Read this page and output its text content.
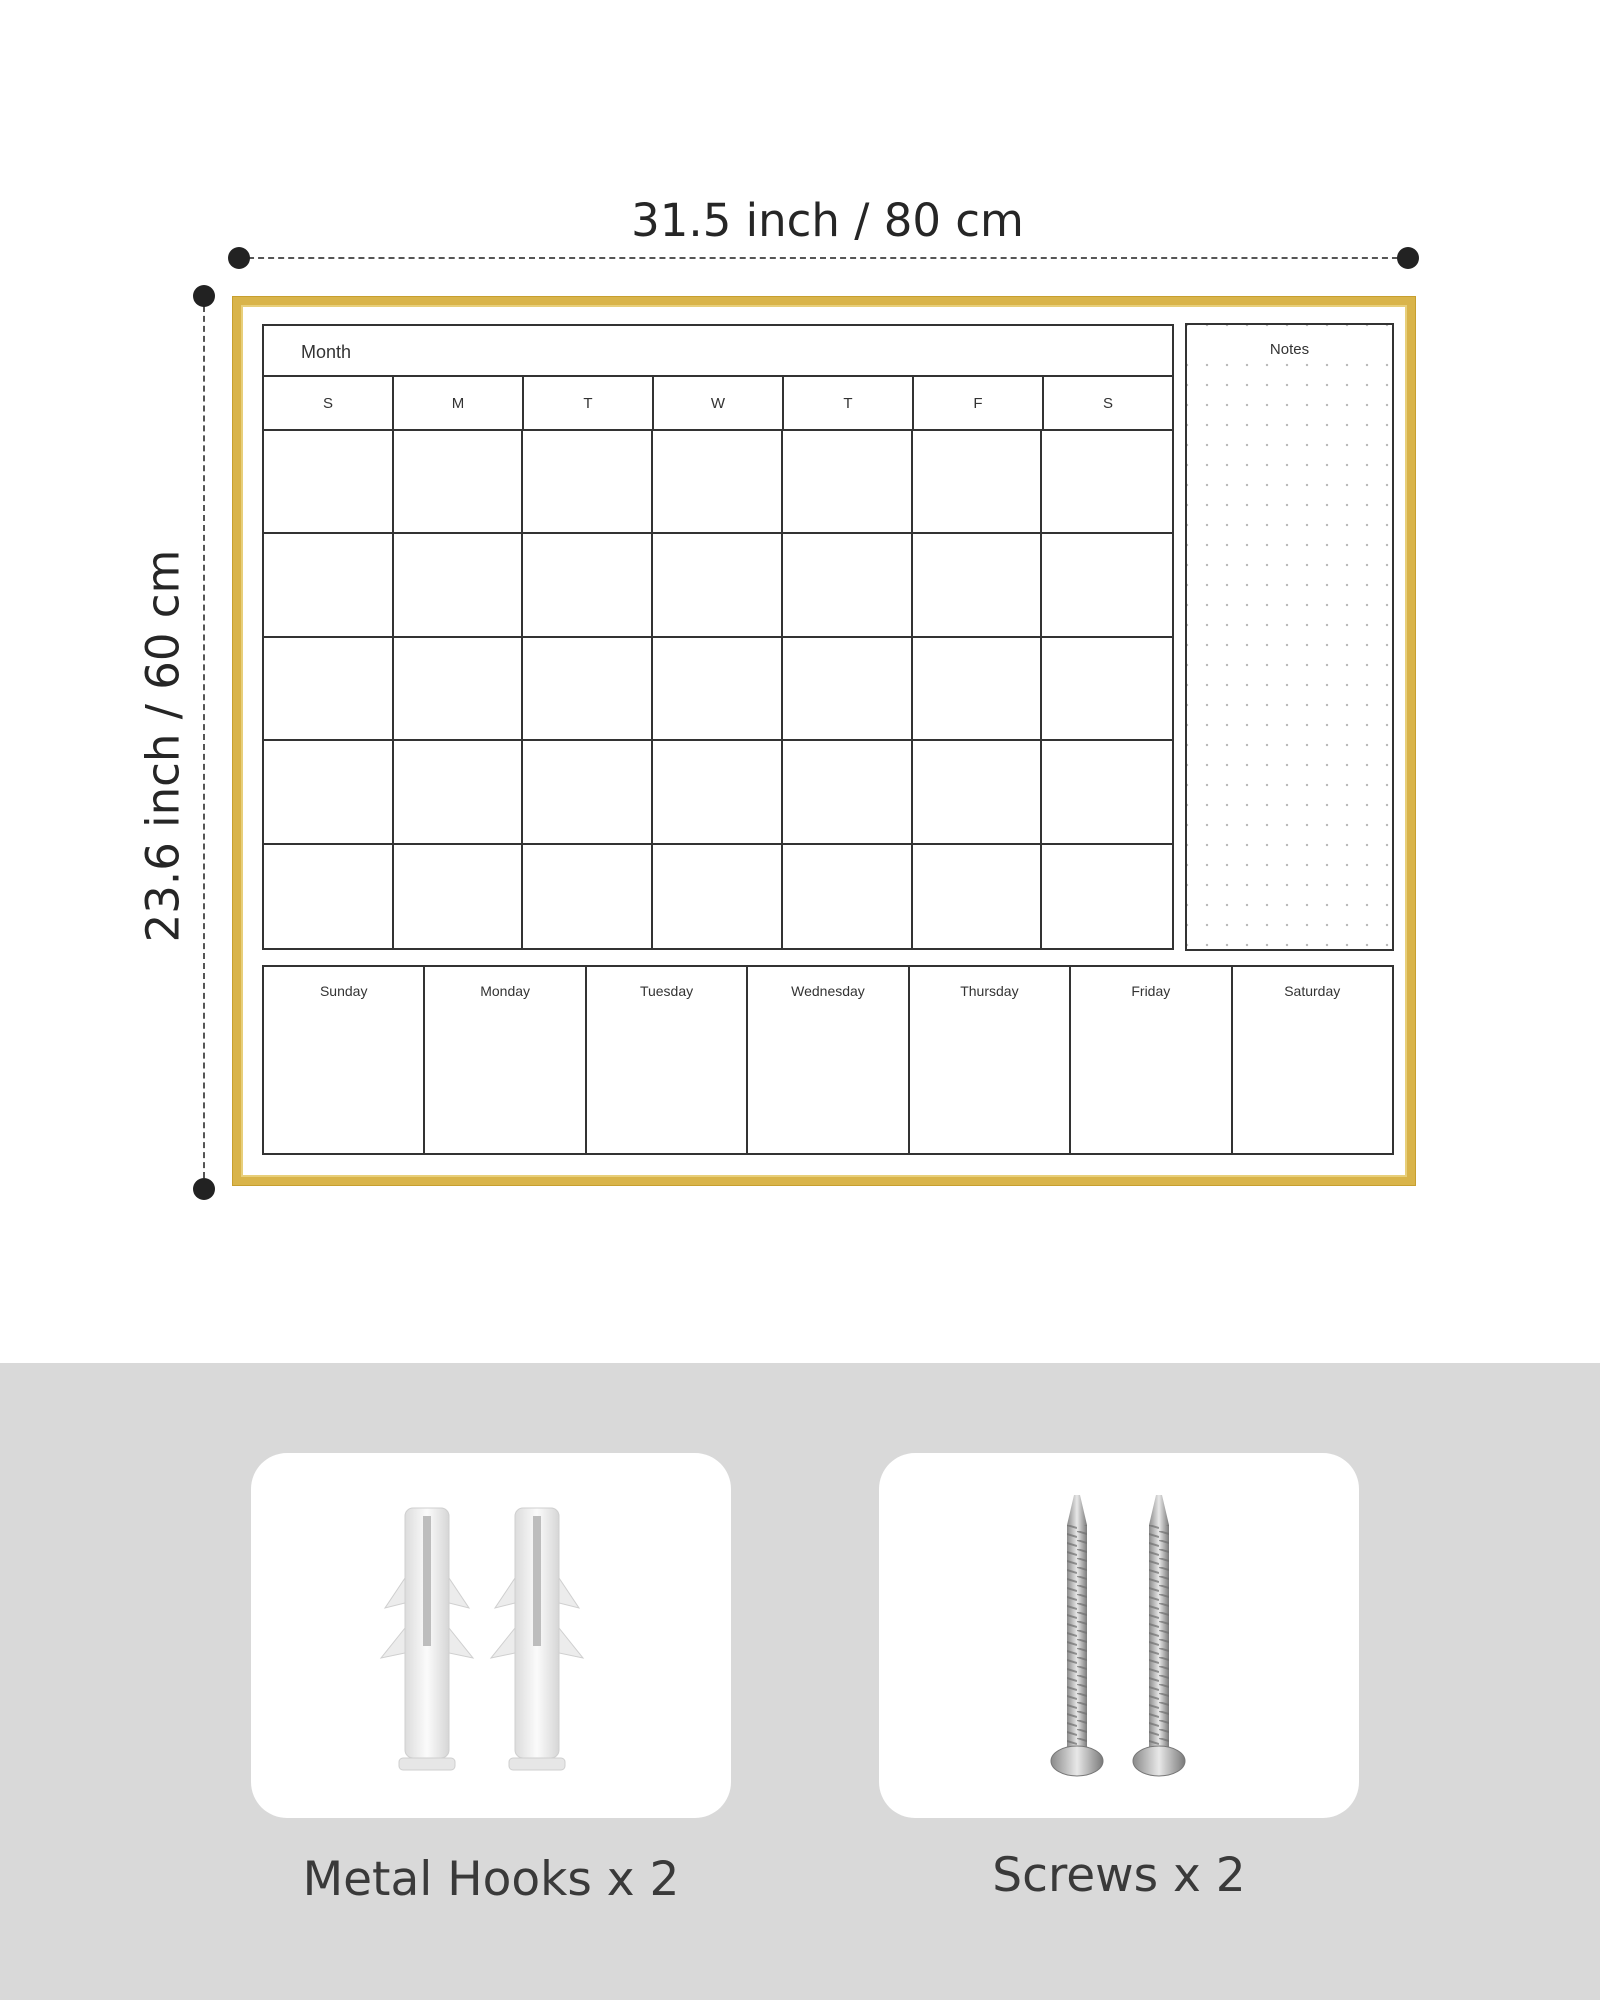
31.5 inch / 80 cm
23.6 inch / 60 cm
Month
S	M	T	W	T	F	S
Notes
Sunday	Monday	Tuesday	Wednesday	Thursday	Friday	Saturday
Metal Hooks x 2	Screws x 2
